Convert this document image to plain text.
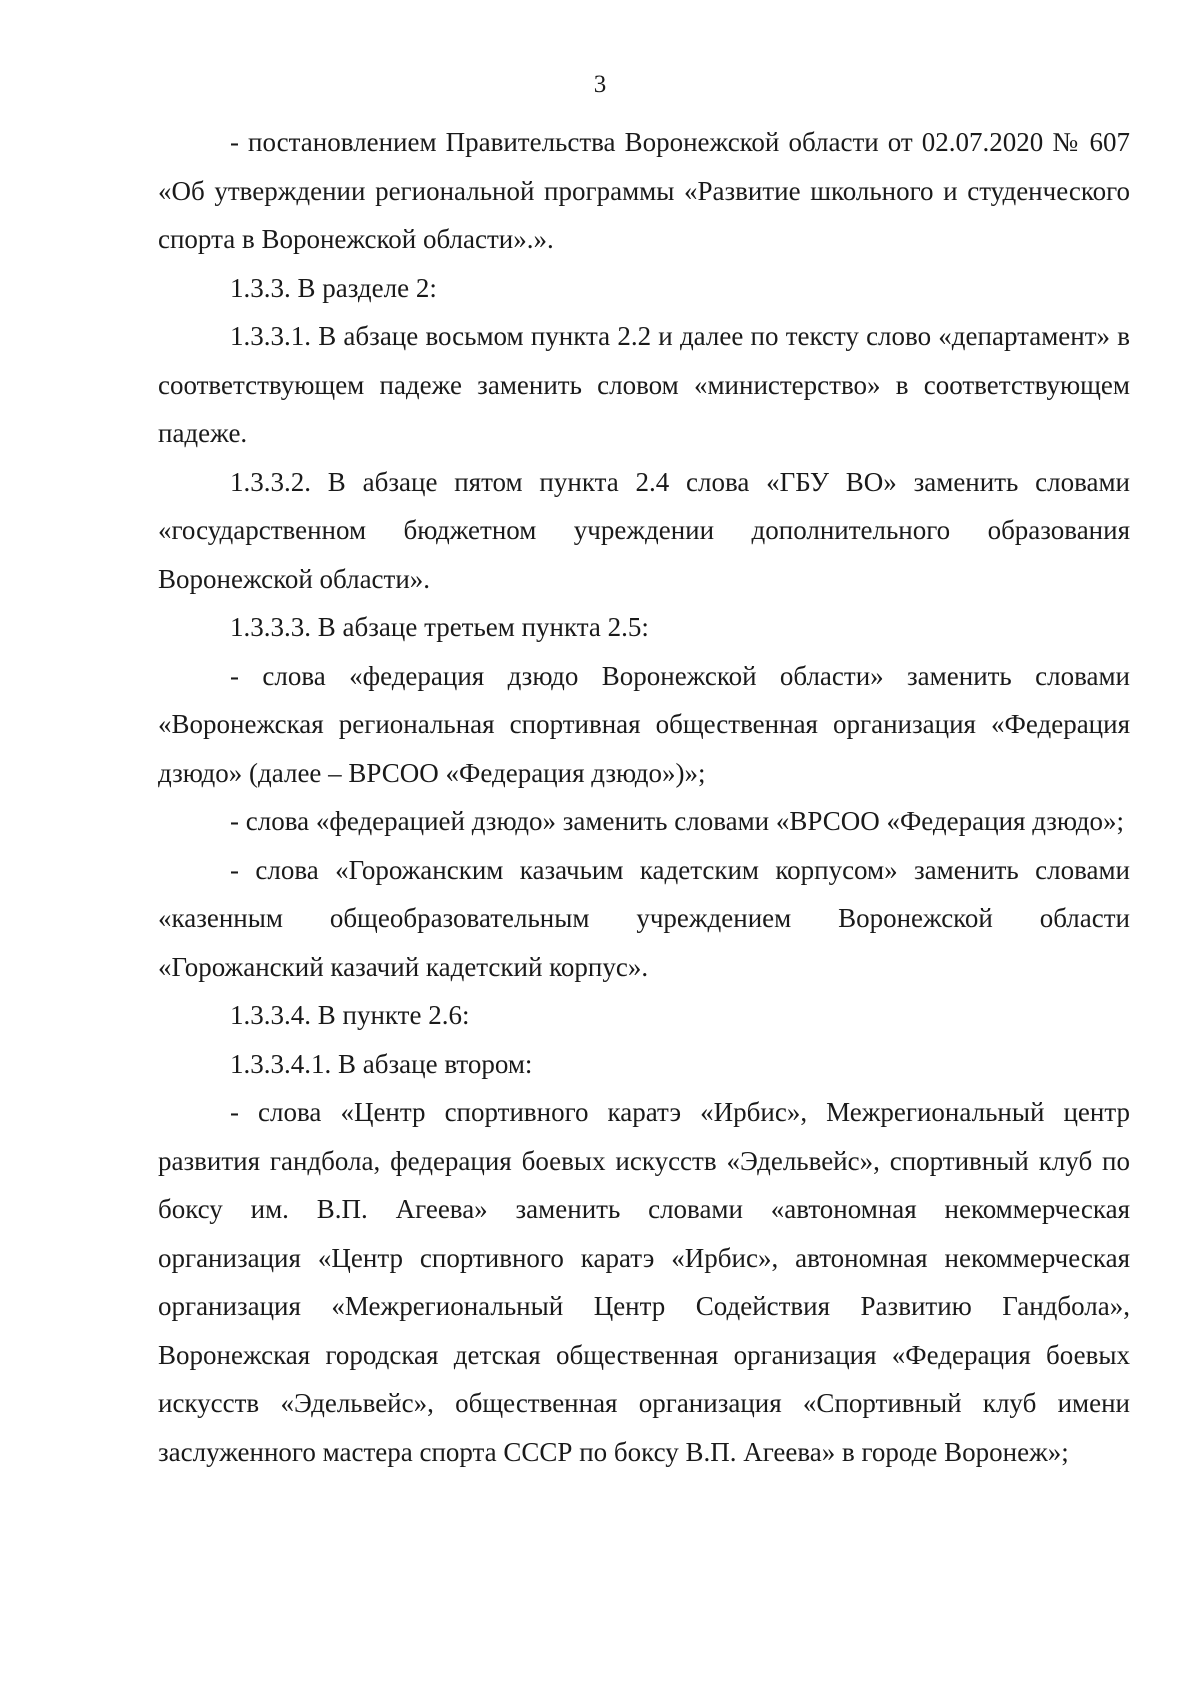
3

- постановлением Правительства Воронежской области от 02.07.2020 № 607 «Об утверждении региональной программы «Развитие школьного и студенческого спорта в Воронежской области».».

1.3.3. В разделе 2:

1.3.3.1. В абзаце восьмом пункта 2.2 и далее по тексту слово «департамент» в соответствующем падеже заменить словом «министерство» в соответствующем падеже.

1.3.3.2. В абзаце пятом пункта 2.4 слова «ГБУ ВО» заменить словами «государственном бюджетном учреждении дополнительного образования Воронежской области».

1.3.3.3. В абзаце третьем пункта 2.5:

- слова «федерация дзюдо Воронежской области» заменить словами «Воронежская региональная спортивная общественная организация «Федерация дзюдо» (далее – ВРСОО «Федерация дзюдо»)»;

- слова «федерацией дзюдо» заменить словами «ВРСОО «Федерация дзюдо»;

- слова «Горожанским казачьим кадетским корпусом» заменить словами «казенным общеобразовательным учреждением Воронежской области «Горожанский казачий кадетский корпус».

1.3.3.4. В пункте 2.6:

1.3.3.4.1. В абзаце втором:

- слова «Центр спортивного каратэ «Ирбис», Межрегиональный центр развития гандбола, федерация боевых искусств «Эдельвейс», спортивный клуб по боксу им. В.П. Агеева» заменить словами «автономная некоммерческая организация «Центр спортивного каратэ «Ирбис», автономная некоммерческая организация «Межрегиональный Центр Содействия Развитию Гандбола», Воронежская городская детская общественная организация «Федерация боевых искусств «Эдельвейс», общественная организация «Спортивный клуб имени заслуженного мастера спорта СССР по боксу В.П. Агеева» в городе Воронеж»;
